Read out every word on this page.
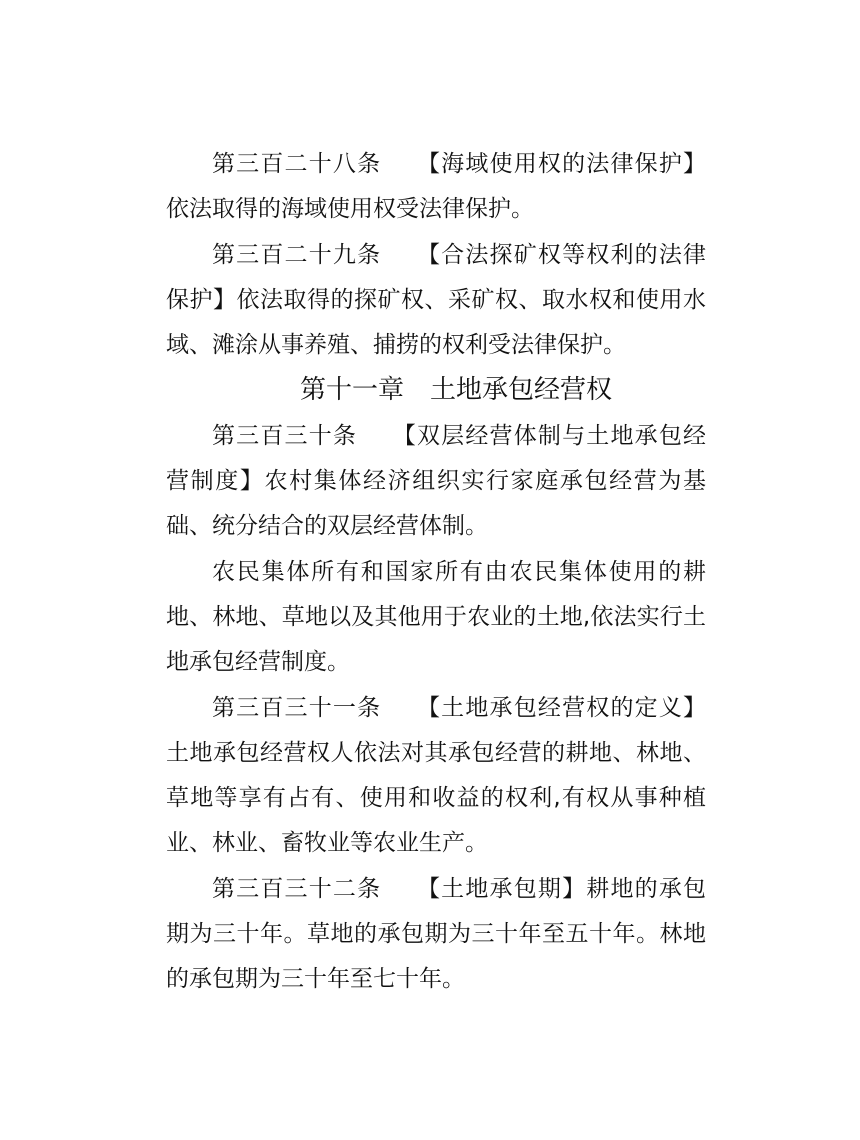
第三百二十八条   【海域使用权的法律保护】依法取得的海域使用权受法律保护。

第三百二十九条   【合法探矿权等权利的法律保护】依法取得的探矿权、采矿权、取水权和使用水域、滩涂从事养殖、捕捞的权利受法律保护。

第十一章  土地承包经营权

第三百三十条   【双层经营体制与土地承包经营制度】农村集体经济组织实行家庭承包经营为基础、统分结合的双层经营体制。

农民集体所有和国家所有由农民集体使用的耕地、林地、草地以及其他用于农业的土地,依法实行土地承包经营制度。

第三百三十一条   【土地承包经营权的定义】土地承包经营权人依法对其承包经营的耕地、林地、草地等享有占有、使用和收益的权利,有权从事种植业、林业、畜牧业等农业生产。

第三百三十二条   【土地承包期】耕地的承包期为三十年。草地的承包期为三十年至五十年。林地的承包期为三十年至七十年。
